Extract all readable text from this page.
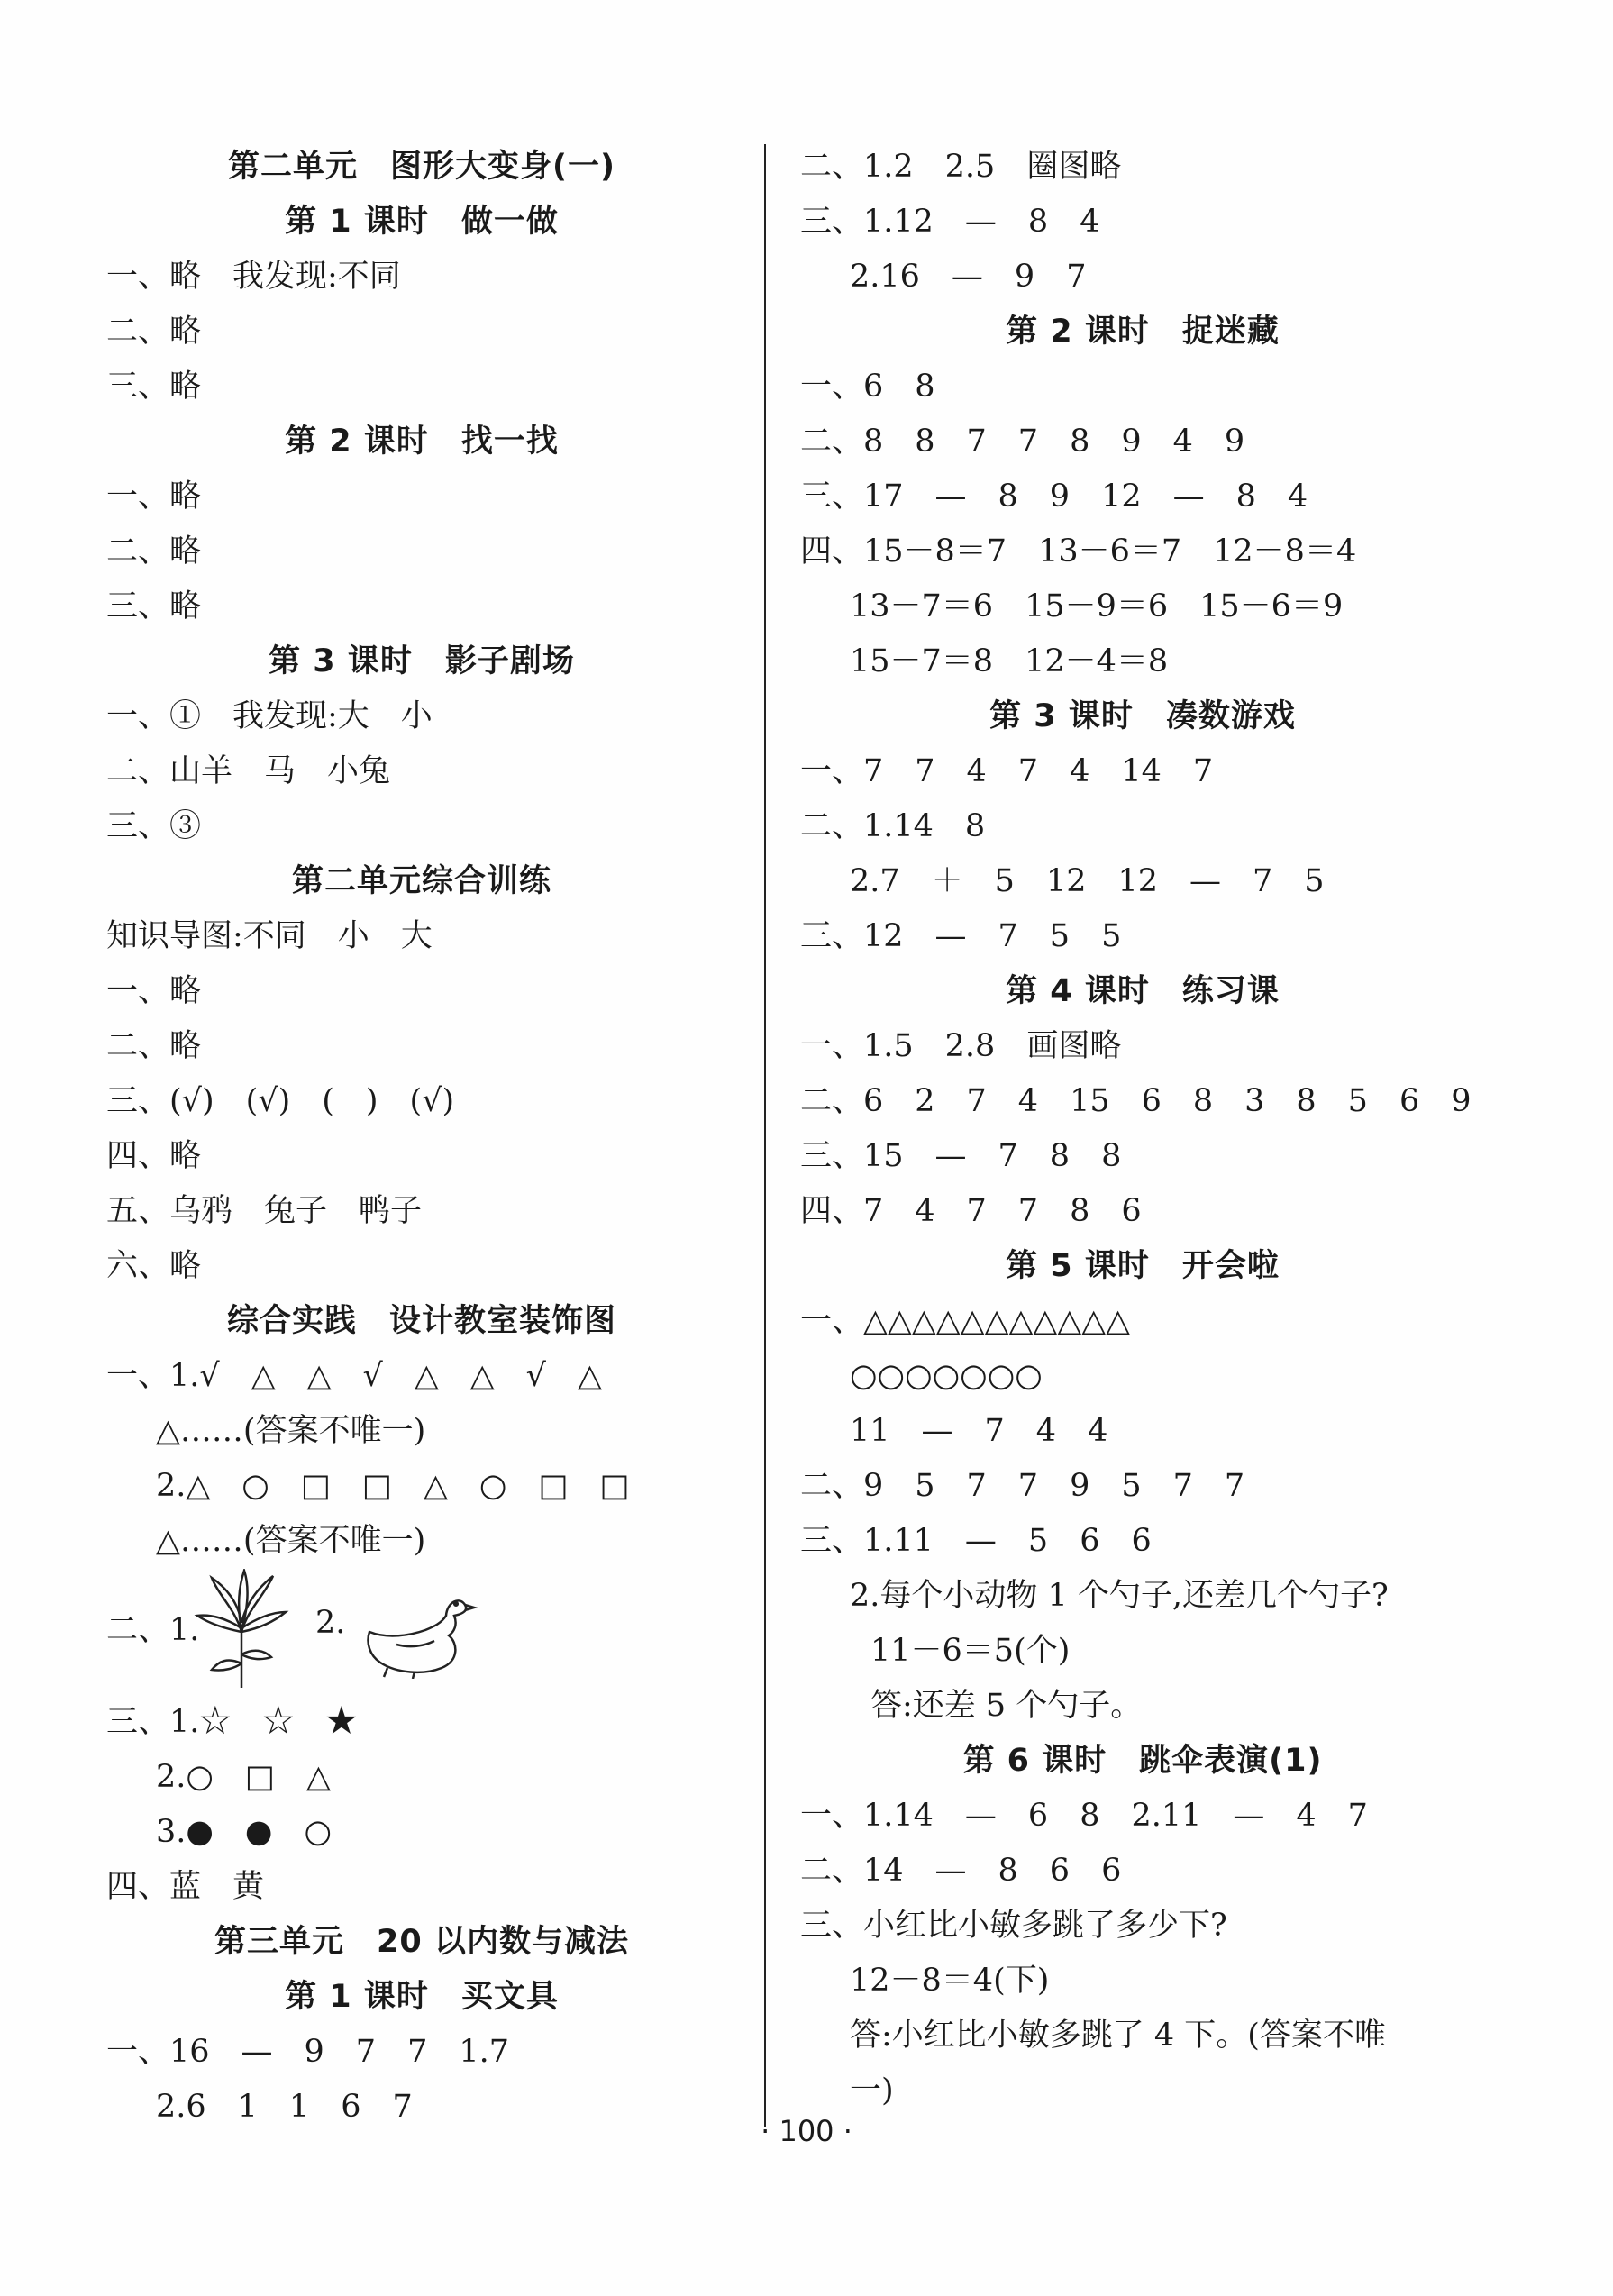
第二单元　图形大变身(一)
第 1 课时　做一做
一、略　我发现:不同
二、略
三、略
第 2 课时　找一找
一、略
二、略
三、略
第 3 课时　影子剧场
一、①　我发现:大　小
二、山羊　马　小兔
三、③
第二单元综合训练
知识导图:不同　小　大
一、略
二、略
三、(√)　(√)　(　)　(√)
四、略
五、乌鸦　兔子　鸭子
六、略
综合实践　设计教室装饰图
一、1.√　△　△　√　△　△　√　△
△……(答案不唯一)
2.△　○　□　□　△　○　□　□
△……(答案不唯一)
二、1.	2.
三、1.☆　☆　★
2.○　□　△
3.●　●　○
四、蓝　黄
第三单元　20 以内数与减法
第 1 课时　买文具
一、16　—　9　7　7　1.7
2.6　1　1　6　7
二、1.2　2.5　圈图略
三、1.12　—　8　4
2.16　—　9　7
第 2 课时　捉迷藏
一、6　8
二、8　8　7　7　8　9　4　9
三、17　—　8　9　12　—　8　4
四、15－8＝7　13－6＝7　12－8＝4
13－7＝6　15－9＝6　15－6＝9
15－7＝8　12－4＝8
第 3 课时　凑数游戏
一、7　7　4　7　4　14　7
二、1.14　8
2.7　＋　5　12　12　—　7　5
三、12　—　7　5　5
第 4 课时　练习课
一、1.5　2.8　画图略
二、6　2　7　4　15　6　8　3　8　5　6　9
三、15　—　7　8　8
四、7　4　7　7　8　6
第 5 课时　开会啦
一、△△△△△△△△△△△
○○○○○○○
11　—　7　4　4
二、9　5　7　7　9　5　7　7
三、1.11　—　5　6　6
2.每个小动物 1 个勺子,还差几个勺子?
11－6＝5(个)
答:还差 5 个勺子。
第 6 课时　跳伞表演(1)
一、1.14　—　6　8　2.11　—　4　7
二、14　—　8　6　6
三、小红比小敏多跳了多少下?
12－8＝4(下)
答:小红比小敏多跳了 4 下。(答案不唯
一)
· 100 ·
